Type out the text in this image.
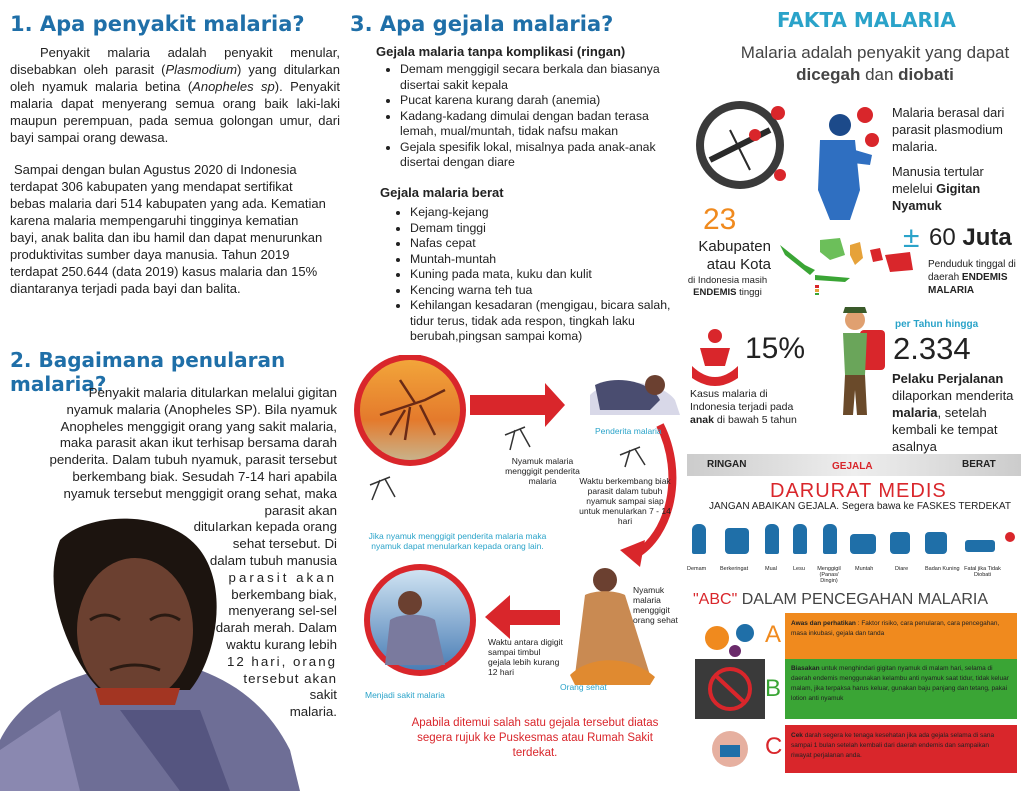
1. Apa penyakit malaria?

Penyakit malaria adalah penyakit menular, disebabkan oleh parasit (Plasmodium) yang ditularkan oleh nyamuk malaria betina (Anopheles sp). Penyakit malaria dapat menyerang semua orang baik laki-laki maupun perempuan, pada semua golongan umur, dari bayi sampai orang dewasa.

Sampai dengan bulan Agustus 2020 di Indonesia
terdapat 306 kabupaten yang mendapat sertifikat
bebas malaria dari 514 kabupaten yang ada. Kematian
karena malaria mempengaruhi tingginya kematian
bayi, anak balita dan ibu hamil dan dapat menurunkan
produktivitas sumber daya manusia. Tahun 2019
terdapat 250.644 (data 2019) kasus malaria dan 15%
diantaranya terjadi pada bayi dan balita.
2. Bagaimana penularan malaria?
Penyakit malaria ditularkan melalui gigitan
nyamuk malaria (Anopheles SP). Bila nyamuk
Anopheles menggigit orang yang sakit malaria,
maka parasit akan ikut terhisap bersama darah
penderita. Dalam tubuh nyamuk, parasit tersebut
berkembang biak. Sesudah 7-14 hari apabila
nyamuk tersebut menggigit orang sehat, maka
parasit akan
dituIarkan kepada orang
sehat tersebut. Di
dalam tubuh manusia
parasit akan
berkembang biak,
menyerang sel-sel
darah merah. Dalam
waktu kurang lebih
12 hari, orang
tersebut akan
sakit
malaria.
3. Apa gejala malaria?
Gejala malaria tanpa komplikasi (ringan)
• Demam menggigil secara berkala dan biasanya disertai sakit kepala
• Pucat karena kurang darah (anemia)
• Kadang-kadang dimulai dengan badan terasa lemah, mual/muntah, tidak nafsu makan
• Gejala spesifik lokal, misalnya pada anak-anak disertai dengan diare
Gejala malaria berat
• Kejang-kejang
• Demam tinggi
• Nafas cepat
• Muntah-muntah
• Kuning pada mata, kuku dan kulit
• Kencing warna teh tua
• Kehilangan kesadaran (mengigau, bicara salah, tidur terus, tidak ada respon, tingkah laku berubah,pingsan sampai koma)
Penderita malaria
Nyamuk malaria menggigit penderita malaria	Waktu berkembang biak parasit dalam tubuh nyamuk sampai siap untuk menularkan 7 - 14 hari
Jika nyamuk menggigit penderita malaria maka nyamuk dapat menularkan kepada orang lain.
Nyamuk malaria menggigit orang sehat
Waktu antara digigit sampai timbul gejala lebih kurang 12 hari
Orang sehat
Menjadi sakit malaria
Apabila ditemui salah satu gejala tersebut diatas
segera rujuk ke Puskesmas atau Rumah Sakit terdekat.
FAKTA MALARIA
Malaria adalah penyakit yang dapat
dicegah dan diobati
Malaria berasal dari parasit plasmodium malaria.
Manusia tertular melelui Gigitan Nyamuk
23
Kabupaten atau Kota
di Indonesia masih ENDEMIS tinggi
± 60 Juta
Penduduk tinggal di daerah ENDEMIS MALARIA
15%
Kasus malaria di Indonesia terjadi pada anak di bawah 5 tahun
per Tahun hingga
2.334
Pelaku Perjalanan dilaporkan menderita malaria, setelah kembali ke tempat asalnya
RINGAN	GEJALA	BERAT
DARURAT MEDIS
JANGAN ABAIKAN GEJALA. Segera bawa ke FASKES TERDEKAT
Demam Berkeringat	Mual	Lesu	Menggigil (Panas/ Dingin)
Muntah	Diare	Badan Kuning Fatal jika Tidak Diobati
"ABC" DALAM PENCEGAHAN MALARIA
A	Awas dan perhatikan : Faktor risiko, cara penularan, cara pencegahan, masa inkubasi, gejala dan tanda
B
Biasakan untuk menghindari gigitan nyamuk di malam hari, selama di daerah endemis menggunakan kelambu anti nyamuk saat tidur, tidak keluar malam, jika terpaksa harus keluar, gunakan baju panjang dan tetang, pakai lotion anti nyamuk
C	Cek darah segera ke tenaga kesehatan jika ada gejala selama di sana sampai 1 bulan setelah kembali dari daerah endemis dan sampaikan riwayat perjalanan anda.
